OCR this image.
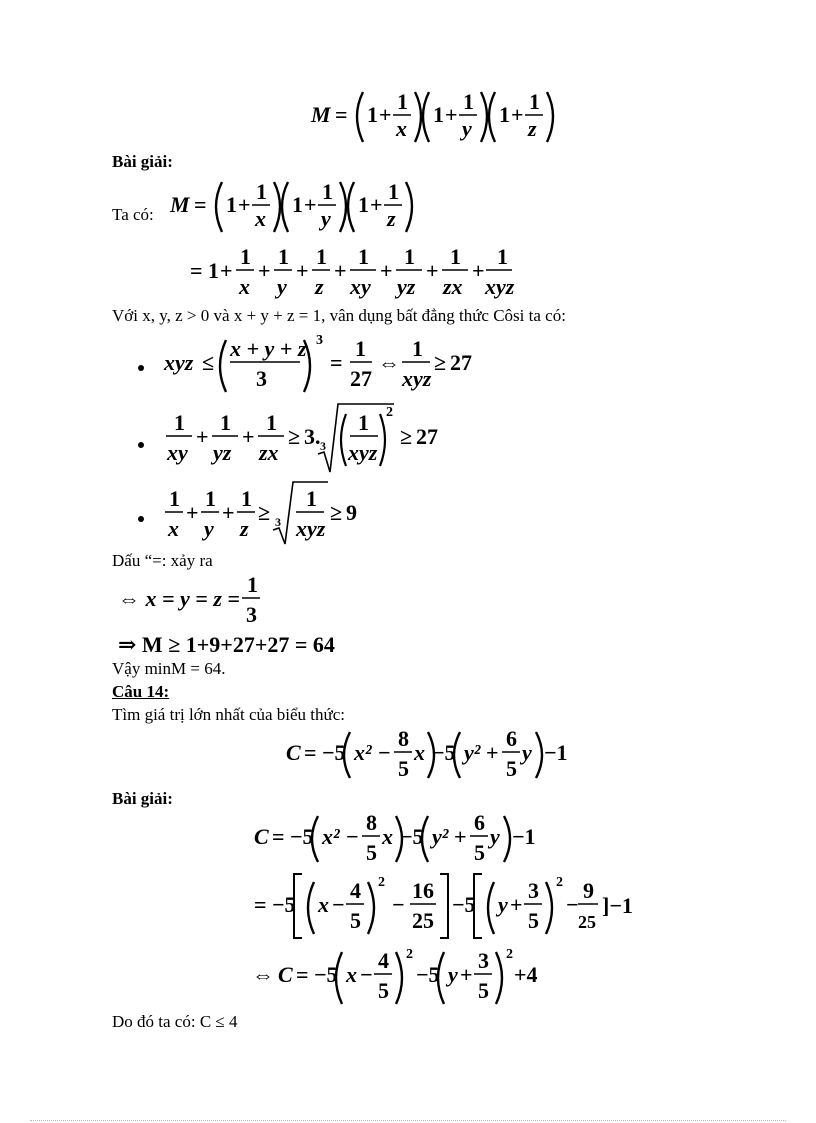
M = 1 +
1
x
1 +
1
y
1 +
1
z
Bài giải:
Ta có: M = 1 +
1
x
1 +
1
y
1 +
1
z
= 1 +
1
x
+
1
y
+
1
z
+
1
xy
+
1
yz
+
1
zx
+
1
xyz
Với x, y, z > 0 và x + y + z = 1, vân dụng bất đẳng thức Côsi ta có:
xyz ≤
x + y + z
3
3
=
1
27
⇔
1
xyz
≥ 27
1
xy
+
1
yz
+
1
zx
≥ 3. 3
1
xyz
2
≥ 27
1
x
+
1
y
+
1
z
≥ 3
1
xyz
≥ 9
Dấu “=: xảy ra
⇔ x = y = z =
1
3
⇒ M ≥ 1+9+27+27 = 64
Vậy minM = 64.
Câu 14:
Tìm giá trị lớn nhất của biểu thức:
C = −5 x² −
8
5
x −5 y² +
6
5
y −1
Bài giải:
C = −5 x² −
8
5
x −5 y² +
6
5
y −1
= −5 x −
4
5
2
−
16
25
−5 y +
3
5
2
−
9
25
]−1
⇔ C = −5 x −
4
5
2
−5 y +
3
5
2
+4
Do đó ta có: C ≤ 4
